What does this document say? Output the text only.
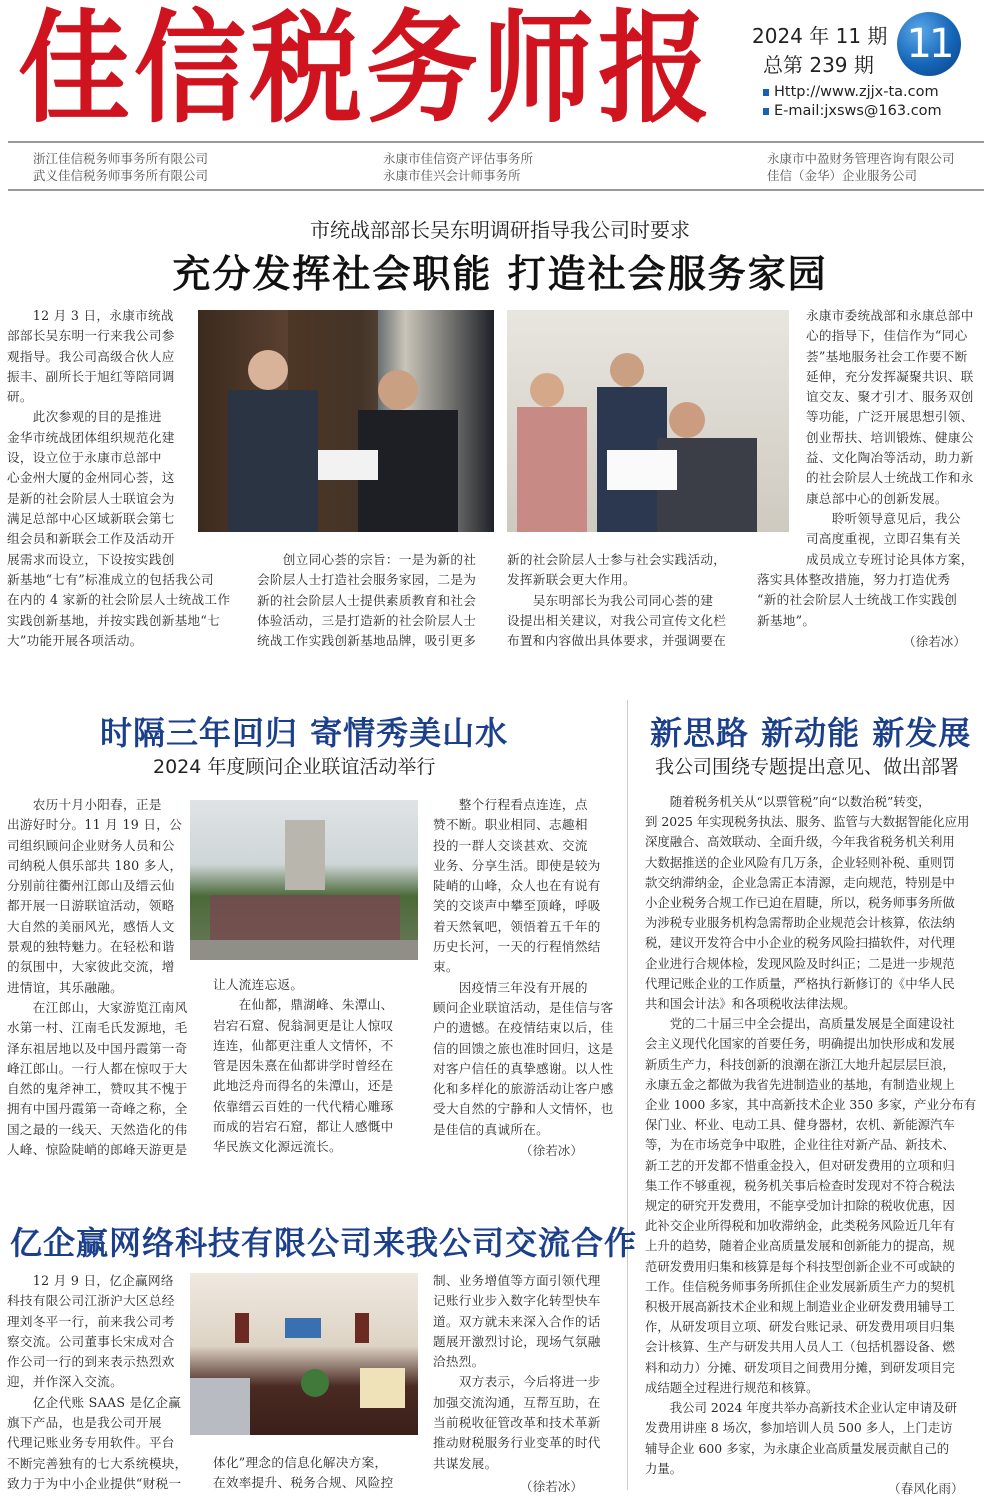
佳信税务师报	2024 年 11 期
总第 239 期 11
Http://www.zjjx-ta.com
E-mail:jxsws@163.com
浙江佳信税务师事务所有限公司
武义佳信税务师事务所有限公司
永康市佳信资产评估事务所
永康市佳兴会计师事务所
永康市中盈财务管理咨询有限公司
佳信（金华）企业服务公司
市统战部部长吴东明调研指导我公司时要求
充分发挥社会职能 打造社会服务家园
　　12 月 3 日，永康市统战
部部长吴东明一行来我公司参
观指导。我公司高级合伙人应
振丰、副所长于旭红等陪同调
研。
　　此次参观的目的是推进
金华市统战团体组织规范化建
设，设立位于永康市总部中
心金州大厦的金州同心荟，这
是新的社会阶层人士联谊会为
满足总部中心区域新联会第七
组会员和新联会工作及活动开
展需求而设立，下设按实践创
新基地“七有”标准成立的包括我公司
在内的 4 家新的社会阶层人士统战工作
实践创新基地，并按实践创新基地“七
大”功能开展各项活动。
　　创立同心荟的宗旨：一是为新的社
会阶层人士打造社会服务家园，二是为
新的社会阶层人士提供素质教育和社会
体验活动，三是打造新的社会阶层人士
统战工作实践创新基地品牌，吸引更多
新的社会阶层人士参与社会实践活动，
发挥新联会更大作用。
　　吴东明部长为我公司同心荟的建
设提出相关建议，对我公司宣传文化栏
布置和内容做出具体要求，并强调要在
永康市委统战部和永康总部中
心的指导下，佳信作为“同心
荟”基地服务社会工作要不断
延伸，充分发挥凝聚共识、联
谊交友、聚才引才、服务双创
等功能，广泛开展思想引领、
创业帮扶、培训锻炼、健康公
益、文化陶冶等活动，助力新
的社会阶层人士统战工作和永
康总部中心的创新发展。
　　聆听领导意见后，我公
司高度重视，立即召集有关
成员成立专班讨论具体方案，
落实具体整改措施，努力打造优秀
“新的社会阶层人士统战工作实践创
新基地”。
（徐若冰）
时隔三年回归 寄情秀美山水
2024 年度顾问企业联谊活动举行
　　农历十月小阳春，正是
出游好时分。11 月 19 日，公
司组织顾问企业财务人员和公
司纳税人俱乐部共 180 多人，
分别前往衢州江郎山及缙云仙
都开展一日游联谊活动，领略
大自然的美丽风光，感悟人文
景观的独特魅力。在轻松和谐
的氛围中，大家彼此交流，增
进情谊，其乐融融。
　　在江郎山，大家游览江南风
水第一村、江南毛氏发源地，毛
泽东祖居地以及中国丹霞第一奇
峰江郎山。一行人都在惊叹于大
自然的鬼斧神工，赞叹其不愧于
拥有中国丹霞第一奇峰之称，全
国之最的一线天、天然造化的伟
人峰、惊险陡峭的郎峰天游更是
让人流连忘返。
　　在仙都，鼎湖峰、朱潭山、
岩宕石窟、倪翁洞更是让人惊叹
连连，仙都更注重人文情怀，不
管是因朱熹在仙都讲学时曾经在
此地泛舟而得名的朱潭山，还是
依靠缙云百姓的一代代精心雕琢
而成的岩宕石窟，都让人感慨中
华民族文化源远流长。
　　整个行程看点连连，点
赞不断。职业相同、志趣相
投的一群人交谈甚欢、交流
业务、分享生活。即使是较为
陡峭的山峰，众人也在有说有
笑的交谈声中攀至顶峰，呼吸
着天然氧吧，领悟着五千年的
历史长河，一天的行程悄然结
束。
　　因疫情三年没有开展的
顾问企业联谊活动，是佳信与客
户的遗憾。在疫情结束以后，佳
信的回馈之旅也准时回归，这是
对客户信任的真挚感谢。以人性
化和多样化的旅游活动让客户感
受大自然的宁静和人文情怀，也
是佳信的真诚所在。
（徐若冰）
新思路 新动能 新发展
我公司围绕专题提出意见、做出部署
　　随着税务机关从“以票管税”向“以数治税”转变，
到 2025 年实现税务执法、服务、监管与大数据智能化应用
深度融合、高效联动、全面升级，今年我省税务机关利用
大数据推送的企业风险有几万条，企业轻则补税、重则罚
款交纳滞纳金，企业急需正本清源，走向规范，特别是中
小企业税务合规工作已迫在眉睫，所以，税务师事务所做
为涉税专业服务机构急需帮助企业规范会计核算，依法纳
税，建议开发符合中小企业的税务风险扫描软件，对代理
企业进行合规体检，发现风险及时纠正；二是进一步规范
代理记账企业的工作质量，严格执行新修订的《中华人民
共和国会计法》和各项税收法律法规。
　　党的二十届三中全会提出，高质量发展是全面建设社
会主义现代化国家的首要任务，明确提出加快形成和发展
新质生产力，科技创新的浪潮在浙江大地升起层层巨浪，
永康五金之都做为我省先进制造业的基地，有制造业规上
企业 1000 多家，其中高新技术企业 350 多家，产业分布有
保门业、杯业、电动工具、健身器材，农机、新能源汽车
等，为在市场竞争中取胜，企业往往对新产品、新技术、
新工艺的开发都不惜重金投入，但对研发费用的立项和归
集工作不够重视，税务机关事后检查时发现对不符合税法
规定的研究开发费用，不能享受加计扣除的税收优惠，因
此补交企业所得税和加收滞纳金，此类税务风险近几年有
上升的趋势，随着企业高质量发展和创新能力的提高，规
范研发费用归集和核算是每个科技型创新企业不可或缺的
工作。佳信税务师事务所抓住企业发展新质生产力的契机
积极开展高新技术企业和规上制造业企业研发费用辅导工
作，从研发项目立项、研发台账记录、研发费用项目归集
会计核算、生产与研发共用人员人工（包括机器设备、燃
料和动力）分摊、研发项目之间费用分摊，到研发项目完
成结题全过程进行规范和核算。
　　我公司 2024 年度共举办高新技术企业认定申请及研
发费用讲座 8 场次，参加培训人员 500 多人，上门走访
辅导企业 600 多家，为永康企业高质量发展贡献自己的
力量。
（春风化雨）
亿企赢网络科技有限公司来我公司交流合作
　　12 月 9 日，亿企赢网络
科技有限公司江浙沪大区总经
理刘冬平一行，前来我公司考
察交流。公司董事长宋成对合
作公司一行的到来表示热烈欢
迎，并作深入交流。
　　亿企代账 SAAS 是亿企赢
旗下产品，也是我公司开展
代理记账业务专用软件。平台
不断完善独有的七大系统模块，
致力于为中小企业提供“财税一
体化”理念的信息化解决方案，
在效率提升、税务合规、风险控
制、业务增值等方面引领代理
记账行业步入数字化转型快车
道。双方就未来深入合作的话
题展开激烈讨论，现场气氛融
洽热烈。
　　双方表示，今后将进一步
加强交流沟通，互帮互助，在
当前税收征管改革和技术革新
推动财税服务行业变革的时代
共谋发展。
（徐若冰）
